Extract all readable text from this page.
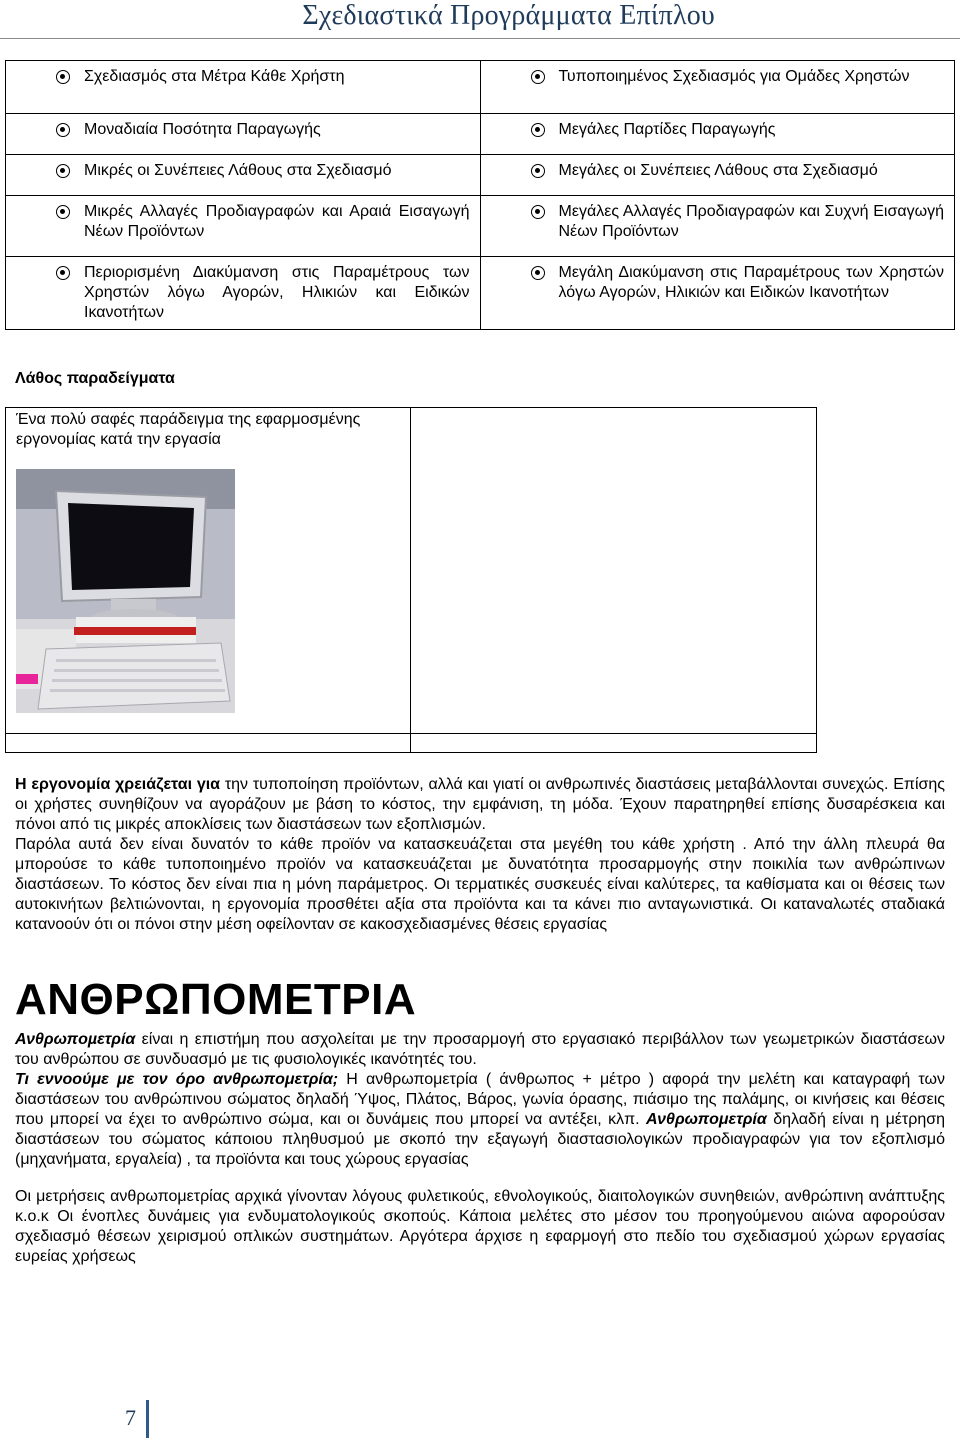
Σχεδιαστικά Προγράμματα Επίπλου
Σχεδιασμός στα Μέτρα Κάθε Χρήστη	Τυποποιημένος Σχεδιασμός για Ομάδες Χρηστών

Μοναδιαία Ποσότητα Παραγωγής	Μεγάλες Παρτίδες Παραγωγής

Μικρές οι Συνέπειες Λάθους στα Σχεδιασμό	Μεγάλες οι Συνέπειες Λάθους στα Σχεδιασμό

Μικρές Αλλαγές Προδιαγραφών και Αραιά Εισαγωγή Νέων Προϊόντων	Μεγάλες Αλλαγές Προδιαγραφών και Συχνή Εισαγωγή Νέων Προϊόντων

Περιορισμένη Διακύμανση στις Παραμέτρους των Χρηστών λόγω Αγορών, Ηλικιών και Ειδικών Ικανοτήτων	Μεγάλη Διακύμανση στις Παραμέτρους των Χρηστών λόγω Αγορών, Ηλικιών και Ειδικών Ικανοτήτων
Λάθος παραδείγματα
Ένα πολύ σαφές παράδειγμα της εφαρμοσμένης εργονομίας κατά την εργασία

Η εργονομία χρειάζεται για την τυποποίηση προϊόντων, αλλά και γιατί οι ανθρωπινές διαστάσεις μεταβάλλονται συνεχώς. Επίσης οι χρήστες συνηθίζουν να αγοράζουν με βάση το κόστος, την εμφάνιση, τη μόδα. Έχουν παρατηρηθεί επίσης δυσαρέσκεια και πόνοι από τις μικρές αποκλίσεις των διαστάσεων των εξοπλισμών.

Παρόλα αυτά δεν είναι δυνατόν το κάθε προϊόν να κατασκευάζεται στα μεγέθη του κάθε χρήστη . Από την άλλη πλευρά θα μπορούσε το κάθε τυποποιημένο προϊόν να κατασκευάζεται με δυνατότητα προσαρμογής στην ποικιλία των ανθρώπινων διαστάσεων. Το κόστος δεν είναι πια η μόνη παράμετρος. Οι τερματικές συσκευές είναι καλύτερες, τα καθίσματα και οι θέσεις των αυτοκινήτων βελτιώνονται, η εργονομία προσθέτει αξία στα προϊόντα και τα κάνει πιο ανταγωνιστικά. Οι καταναλωτές σταδιακά κατανοούν ότι οι πόνοι στην μέση οφείλονταν σε κακοσχεδιασμένες θέσεις εργασίας

ΑΝΘΡΩΠΟΜΕΤΡΙΑ

Ανθρωποµετρία είναι η επιστήμη που ασχολείται με την προσαρμογή στο εργασιακό περιβάλλον των γεωμετρικών διαστάσεων του ανθρώπου σε συνδυασμό με τις φυσιολογικές ικανότητές του.

Τι εννοούμε με τον όρο ανθρωπομετρία; Η ανθρωπομετρία ( άνθρωπος + μέτρο ) αφορά την μελέτη και καταγραφή των διαστάσεων του ανθρώπινου σώματος δηλαδή Ύψος, Πλάτος, Βάρος, γωνία όρασης, πιάσιμο της παλάμης, οι κινήσεις και θέσεις που μπορεί να έχει το ανθρώπινο σώμα, και οι δυνάμεις που μπορεί να αντέξει, κλπ. Ανθρωπομετρία δηλαδή είναι η μέτρηση διαστάσεων του σώματος κάποιου πληθυσμού με σκοπό την εξαγωγή διαστασιολογικών προδιαγραφών για τον εξοπλισμό (μηχανήματα, εργαλεία) , τα προϊόντα και τους χώρους εργασίας

Οι μετρήσεις ανθρωπομετρίας αρχικά γίνονταν λόγους φυλετικούς, εθνολογικούς, διαιτολογικών συνηθειών, ανθρώπινη ανάπτυξης κ.ο.κ Οι ένοπλες δυνάμεις για ενδυματολογικούς σκοπούς. Κάποια μελέτες στο μέσον του προηγούμενου αιώνα αφορούσαν σχεδιασμό θέσεων χειρισμού οπλικών συστημάτων. Αργότερα άρχισε η εφαρμογή στο πεδίο του σχεδιασμού χώρων εργασίας ευρείας χρήσεως

7
